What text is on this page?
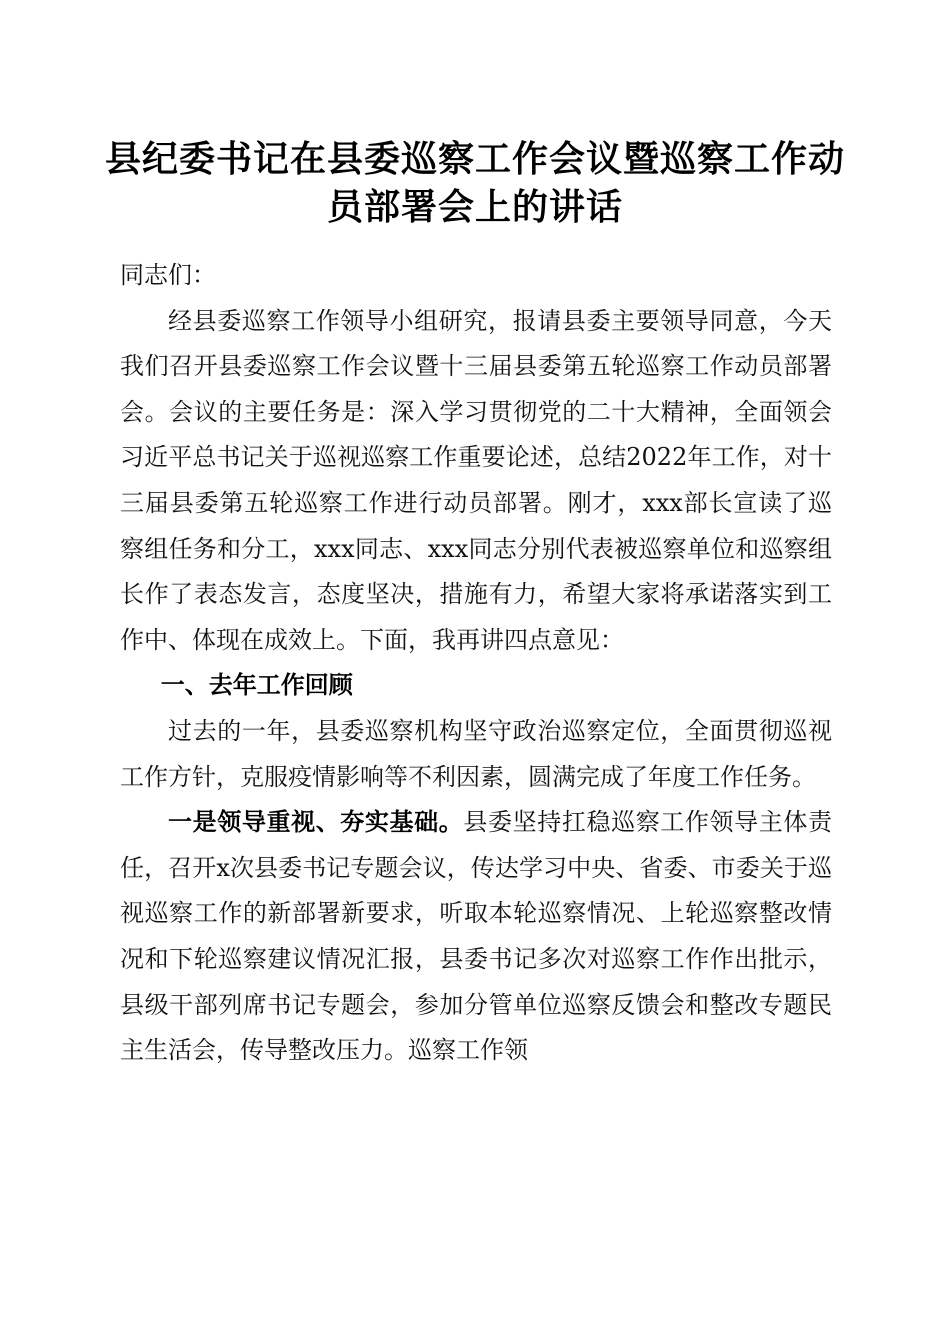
县纪委书记在县委巡察工作会议暨巡察工作动
员部署会上的讲话

同志们：

经县委巡察工作领导小组研究，报请县委主要领导同意，今天我们召开县委巡察工作会议暨十三届县委第五轮巡察工作动员部署会。会议的主要任务是：深入学习贯彻党的二十大精神，全面领会习近平总书记关于巡视巡察工作重要论述，总结2022年工作，对十三届县委第五轮巡察工作进行动员部署。刚才，xxx部长宣读了巡察组任务和分工，xxx同志、xxx同志分别代表被巡察单位和巡察组长作了表态发言，态度坚决，措施有力，希望大家将承诺落实到工作中、体现在成效上。下面，我再讲四点意见：

一、去年工作回顾

过去的一年，县委巡察机构坚守政治巡察定位，全面贯彻巡视工作方针，克服疫情影响等不利因素，圆满完成了年度工作任务。

一是领导重视、夯实基础。县委坚持扛稳巡察工作领导主体责任，召开x次县委书记专题会议，传达学习中央、省委、市委关于巡视巡察工作的新部署新要求，听取本轮巡察情况、上轮巡察整改情况和下轮巡察建议情况汇报，县委书记多次对巡察工作作出批示，县级干部列席书记专题会，参加分管单位巡察反馈会和整改专题民主生活会，传导整改压力。巡察工作领
